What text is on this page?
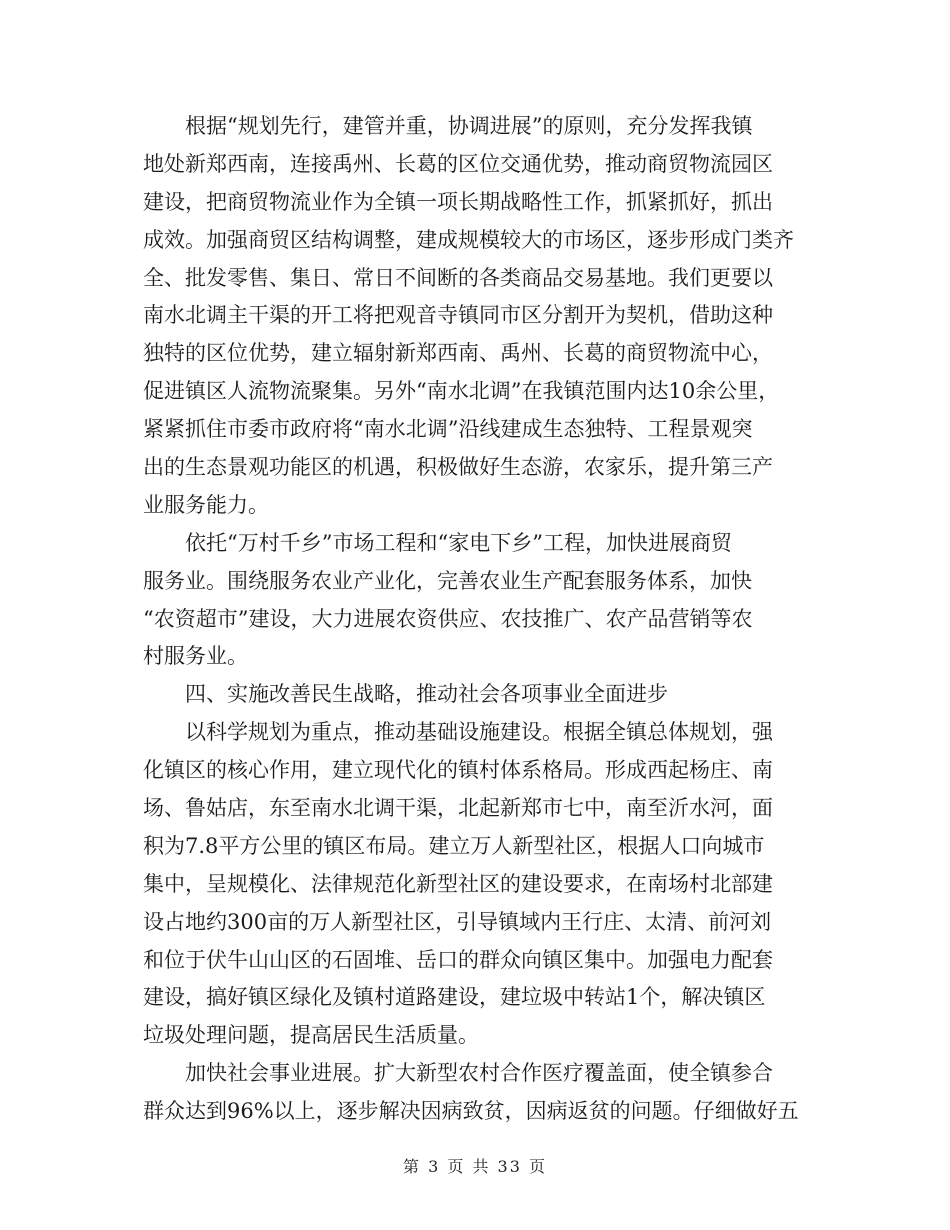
　　根据“规划先行，建管并重，协调进展”的原则，充分发挥我镇
地处新郑西南，连接禹州、长葛的区位交通优势，推动商贸物流园区
建设，把商贸物流业作为全镇一项长期战略性工作，抓紧抓好，抓出
成效。加强商贸区结构调整，建成规模较大的市场区，逐步形成门类齐
全、批发零售、集日、常日不间断的各类商品交易基地。我们更要以
南水北调主干渠的开工将把观音寺镇同市区分割开为契机，借助这种
独特的区位优势，建立辐射新郑西南、禹州、长葛的商贸物流中心，
促进镇区人流物流聚集。另外“南水北调”在我镇范围内达10余公里，
紧紧抓住市委市政府将“南水北调”沿线建成生态独特、工程景观突
出的生态景观功能区的机遇，积极做好生态游，农家乐，提升第三产
业服务能力。
　　依托“万村千乡”市场工程和“家电下乡”工程，加快进展商贸
服务业。围绕服务农业产业化，完善农业生产配套服务体系，加快
“农资超市”建设，大力进展农资供应、农技推广、农产品营销等农
村服务业。
　　四、实施改善民生战略，推动社会各项事业全面进步
　　以科学规划为重点，推动基础设施建设。根据全镇总体规划，强
化镇区的核心作用，建立现代化的镇村体系格局。形成西起杨庄、南
场、鲁姑店，东至南水北调干渠，北起新郑市七中，南至沂水河，面
积为7.8平方公里的镇区布局。建立万人新型社区，根据人口向城市
集中，呈规模化、法律规范化新型社区的建设要求，在南场村北部建
设占地约300亩的万人新型社区，引导镇域内王行庄、太清、前河刘
和位于伏牛山山区的石固堆、岳口的群众向镇区集中。加强电力配套
建设，搞好镇区绿化及镇村道路建设，建垃圾中转站1个，解决镇区
垃圾处理问题，提高居民生活质量。
　　加快社会事业进展。扩大新型农村合作医疗覆盖面，使全镇参合
群众达到96%以上，逐步解决因病致贫，因病返贫的问题。仔细做好五
第 3 页 共 33 页
